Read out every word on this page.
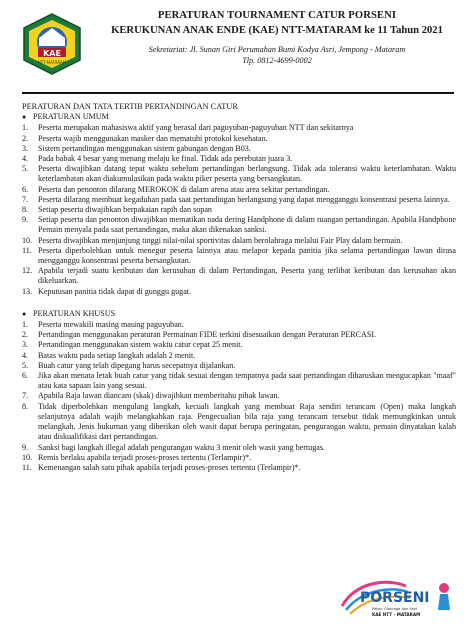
KAE
NTT-MATARAM
PERATURAN TOURNAMENT CATUR PORSENI
KERUKUNAN ANAK ENDE (KAE) NTT-MATARAM ke 11 Tahun 2021
Sekretariat: Jl. Sunan Giri Perumahan Bumi Kodya Asri, Jempong - Mataram
Tlp. 0812-4699-0002
PERATURAN DAN TATA TERTIB PERTANDINGAN CATUR
● PERATURAN UMUM
1.	Peserta merupakan mahasiswa aktif yang berasal dari paguyuban-paguyuban NTT dan sekitarnya
2.	Peserta wajib menggunakan masker dan mematuhi protokol kesehatan.
3.	Sistem pertandingan menggunakan sistem gabungan dengan B03.
4.	Pada babak 4 besar yang menang melaju ke final. Tidak ada perebutan juara 3.
5.	Peserta diwajibkan datang tepat waktu sebelum pertandingan berlangsung. Tidak ada toleransi waktu keterlambatan. Waktu keterlambatan akan diakumulasikan pada waktu piker peserta yang bersangkutan.
6.	Peserta dan penonton dilarang MEROKOK di dalam arena atau area sekitar pertandingan.
7.	Peserta dilarang membuat kegaduhan pada saat pertandingan berlangsung yang dapat mengganggu konsentrasi peserta lainnya.
8.	Setiap peserta diwajibkan berpakaian rapih dan sopan
9.	Setiap peserta dan penonton diwajibkan mematikan nada dering Handphone di dalam ruangan pertandingan. Apabila Handphone Pemain menyala pada saat pertandingan, maka akan dikenakan sanksi.
10. Peserta diwajibkan menjunjung tinggi nilai-nilai sportivitas dalam berolahraga melalui Fair Play dalam bermain.
11. Peserta diperbolehkan untuk menegur peserta lainnya atau melapor kepada panitia jika selama pertandingan lawan dirasa mengganggu konsentrasi peserta bersangkutan.
12. Apabila terjadi suatu keributan dan kerusuhan di dalam Pertandingan, Peserta yang terlibat keributan dan kerusuhan akan dikeluarkan.
13. Keputusan panitia tidak dapat di gunggu gugat.
● PERATURAN KHUSUS
1.	Peserta mewakili masing masing paguyuban.
2.	Pertandingan menggunakan peraturan Permainan FIDE terkini disesuaikan dengan Peraturan PERCASI.
3.	Pertandingan menggunakan sistem waktu catur cepat 25 menit.
4.	Batas waktu pada setiap langkah adalah 2 menit.
5.	Buah catur yang telah dipegang harus secepatnya dijalankan.
6.	Jika akan menata letak buah catur yang tidak sesuai dengan tempatnya pada saat pertandingan diharuskan mengucapkan "maaf" atau kata sapaan lain yang sesuai.
7.	Apabila Raja lawan diancam (skak) diwajibkan memberitahu pihak lawan.
8.	Tidak diperbolehkan mengulang langkah, kecuali langkah yang membuat Raja sendiri terancam (Open) maka langkah selanjutnya adalah wajib melangkahkan raja. Pengecualian bila raja yang terancam tersebut tidak memungkinkan untuk melangkah. Jenis hukuman yang diberikan oleh wasit dapat berupa peringatan, pengurangan waktu, pemain dinyatakan kalah atau diskualifikasi dari pertandingan.
9.	Sanksi bagi langkah illegal adalah pengurangan waktu 3 menit oleh wasit yang bertugas.
10. Remis berlaku apabila terjadi proses-proses tertentu (Terlampir)*.
11. Kemenangan salah satu pihak apabila terjadi proses-proses tertentu (Terlampir)*.
PORSENI
Pekan Olahraga dan Seni
KAE NTT - MATARAM
